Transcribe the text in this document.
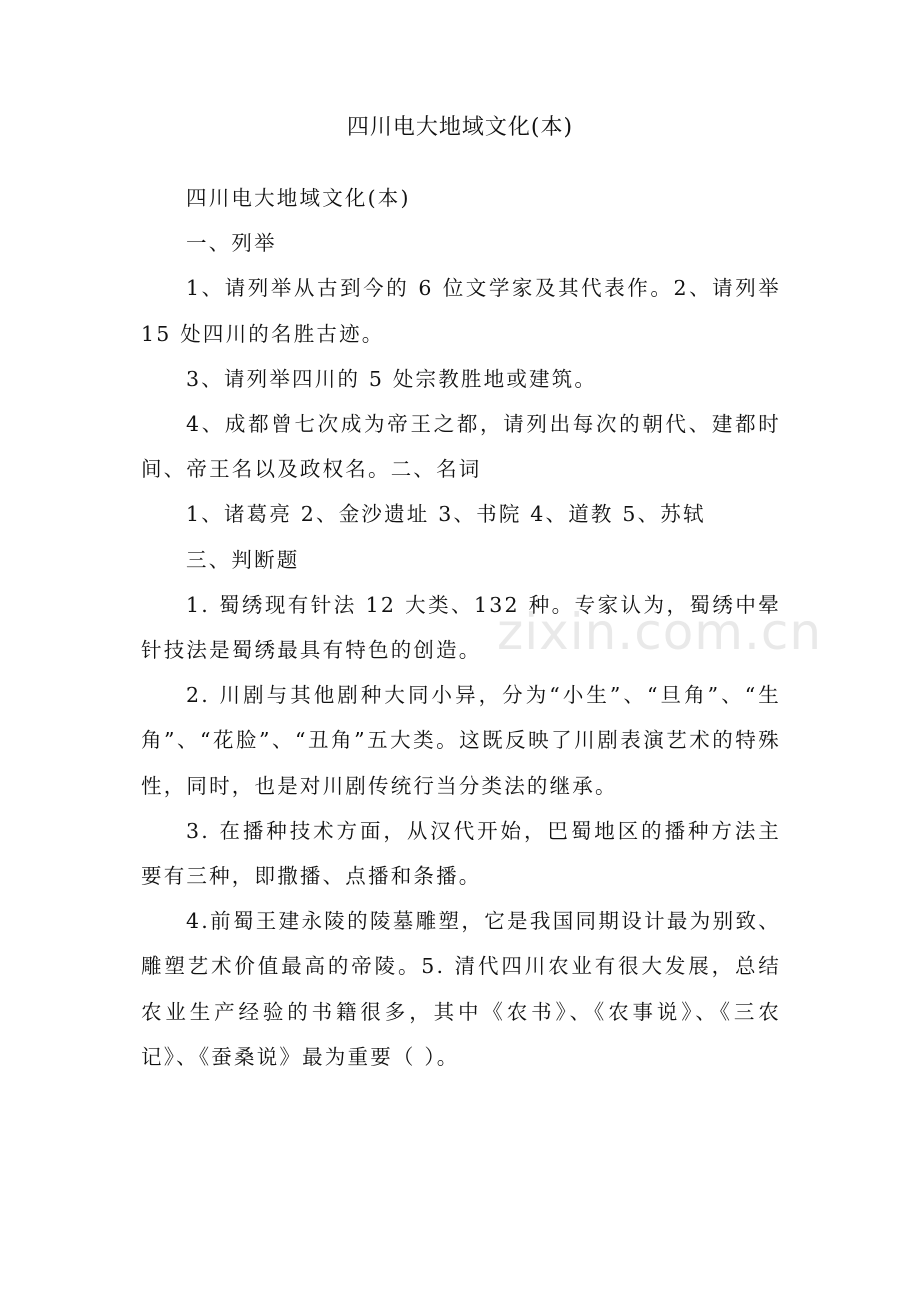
zixin.com.cn
四川电大地域文化(本)

四川电大地域文化(本)

一、列举

1、请列举从古到今的 6 位文学家及其代表作。2、请列举 15 处四川的名胜古迹。

3、请列举四川的 5 处宗教胜地或建筑。

4、成都曾七次成为帝王之都，请列出每次的朝代、建都时间、帝王名以及政权名。二、名词

1、诸葛亮 2、金沙遗址 3、书院 4、道教 5、苏轼

三、判断题

1. 蜀绣现有针法 12 大类、132 种。专家认为，蜀绣中晕针技法是蜀绣最具有特色的创造。

2. 川剧与其他剧种大同小异，分为“小生”、“旦角”、“生角”、“花脸”、“丑角”五大类。这既反映了川剧表演艺术的特殊性，同时，也是对川剧传统行当分类法的继承。

3. 在播种技术方面，从汉代开始，巴蜀地区的播种方法主要有三种，即撒播、点播和条播。

4.前蜀王建永陵的陵墓雕塑，它是我国同期设计最为别致、雕塑艺术价值最高的帝陵。5. 清代四川农业有很大发展，总结农业生产经验的书籍很多，其中《农书》、《农事说》、《三农记》、《蚕桑说》最为重要（ ）。
